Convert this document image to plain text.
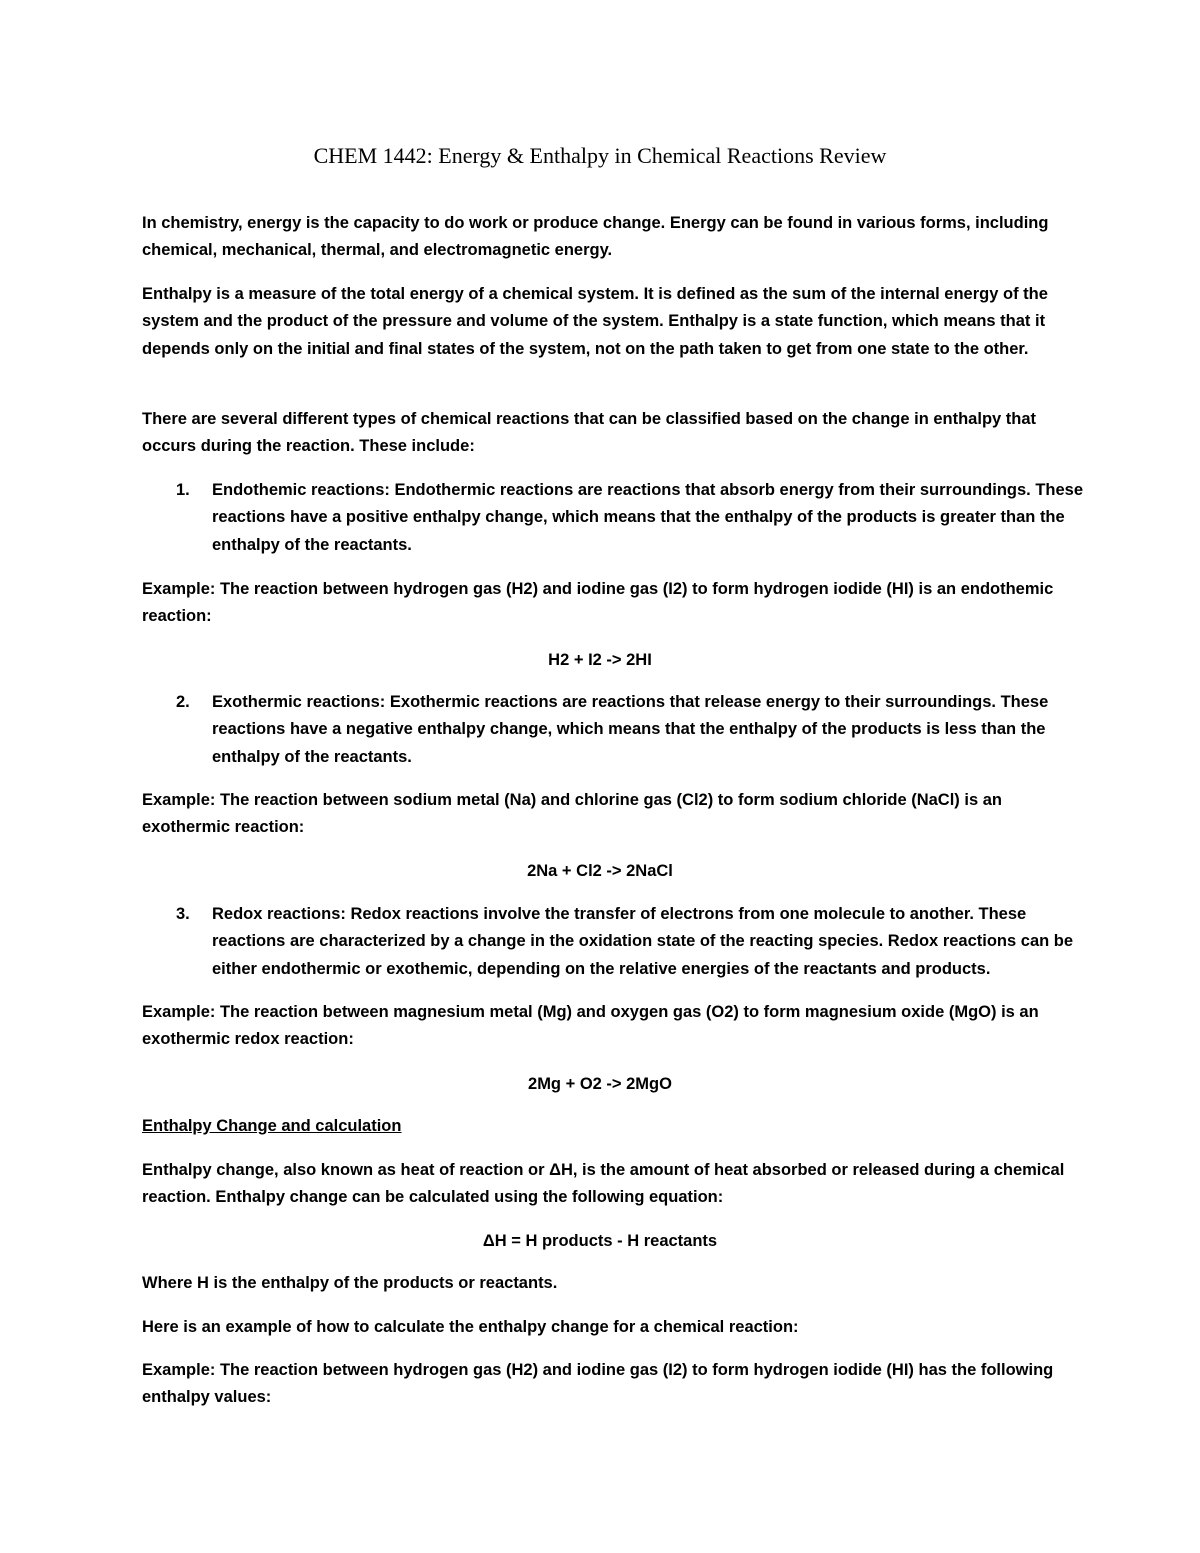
CHEM 1442: Energy & Enthalpy in Chemical Reactions Review

In chemistry, energy is the capacity to do work or produce change. Energy can be found in various forms, including chemical, mechanical, thermal, and electromagnetic energy.

Enthalpy is a measure of the total energy of a chemical system. It is defined as the sum of the internal energy of the system and the product of the pressure and volume of the system. Enthalpy is a state function, which means that it depends only on the initial and final states of the system, not on the path taken to get from one state to the other.

There are several different types of chemical reactions that can be classified based on the change in enthalpy that occurs during the reaction. These include:

1. Endothemic reactions: Endothermic reactions are reactions that absorb energy from their surroundings. These reactions have a positive enthalpy change, which means that the enthalpy of the products is greater than the enthalpy of the reactants.

Example: The reaction between hydrogen gas (H2) and iodine gas (I2) to form hydrogen iodide (HI) is an endothemic reaction:

H2 + I2 -> 2HI

2. Exothermic reactions: Exothermic reactions are reactions that release energy to their surroundings. These reactions have a negative enthalpy change, which means that the enthalpy of the products is less than the enthalpy of the reactants.

Example: The reaction between sodium metal (Na) and chlorine gas (Cl2) to form sodium chloride (NaCl) is an exothermic reaction:

2Na + Cl2 -> 2NaCl

3. Redox reactions: Redox reactions involve the transfer of electrons from one molecule to another. These reactions are characterized by a change in the oxidation state of the reacting species. Redox reactions can be either endothermic or exothemic, depending on the relative energies of the reactants and products.

Example: The reaction between magnesium metal (Mg) and oxygen gas (O2) to form magnesium oxide (MgO) is an exothermic redox reaction:

2Mg + O2 -> 2MgO

Enthalpy Change and calculation

Enthalpy change, also known as heat of reaction or ΔH, is the amount of heat absorbed or released during a chemical reaction. Enthalpy change can be calculated using the following equation:

ΔH = H products - H reactants

Where H is the enthalpy of the products or reactants.

Here is an example of how to calculate the enthalpy change for a chemical reaction:

Example: The reaction between hydrogen gas (H2) and iodine gas (I2) to form hydrogen iodide (HI) has the following enthalpy values:
